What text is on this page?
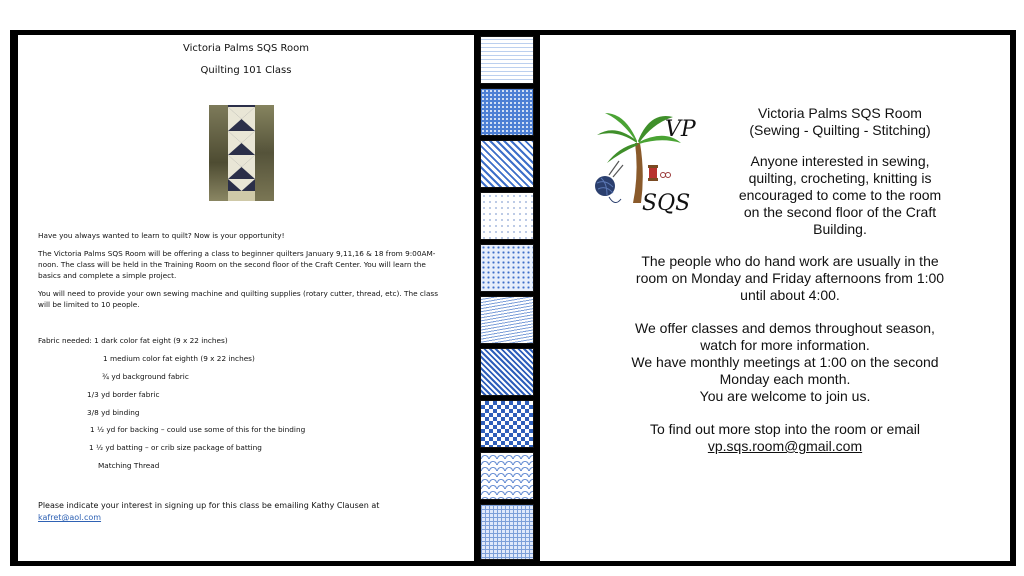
Victoria Palms SQS Room
Quilting 101 Class
Have you always wanted to learn to quilt? Now is your opportunity!
The Victoria Palms SQS Room will be offering a class to beginner quilters January 9,11,16 & 18 from 9:00AM-noon. The class will be held in the Training Room on the second floor of the Craft Center. You will learn the basics and complete a simple project.
You will need to provide your own sewing machine and quilting supplies (rotary cutter, thread, etc). The class will be limited to 10 people.
Fabric needed: 1 dark color fat eight (9 x 22 inches)
1 medium color fat eighth (9 x 22 inches)
¾ yd background fabric
1/3 yd border fabric
3/8 yd binding
1 ½ yd for backing – could use some of this for the binding
1 ½ yd batting – or crib size package of batting
Matching Thread
Please indicate your interest in signing up for this class be emailing Kathy Clausen at
kafret@aol.com
VP
SQS
Victoria Palms SQS Room
(Sewing - Quilting - Stitching)
Anyone interested in sewing,
quilting, crocheting, knitting is
encouraged to come to the room
on the second floor of the Craft
Building.
The people who do hand work are usually in the
room on Monday and Friday afternoons from 1:00
until about 4:00.
We offer classes and demos throughout season,
watch for more information.
We have monthly meetings at 1:00 on the second
Monday each month.
You are welcome to join us.
To find out more stop into the room or email
vp.sqs.room@gmail.com
